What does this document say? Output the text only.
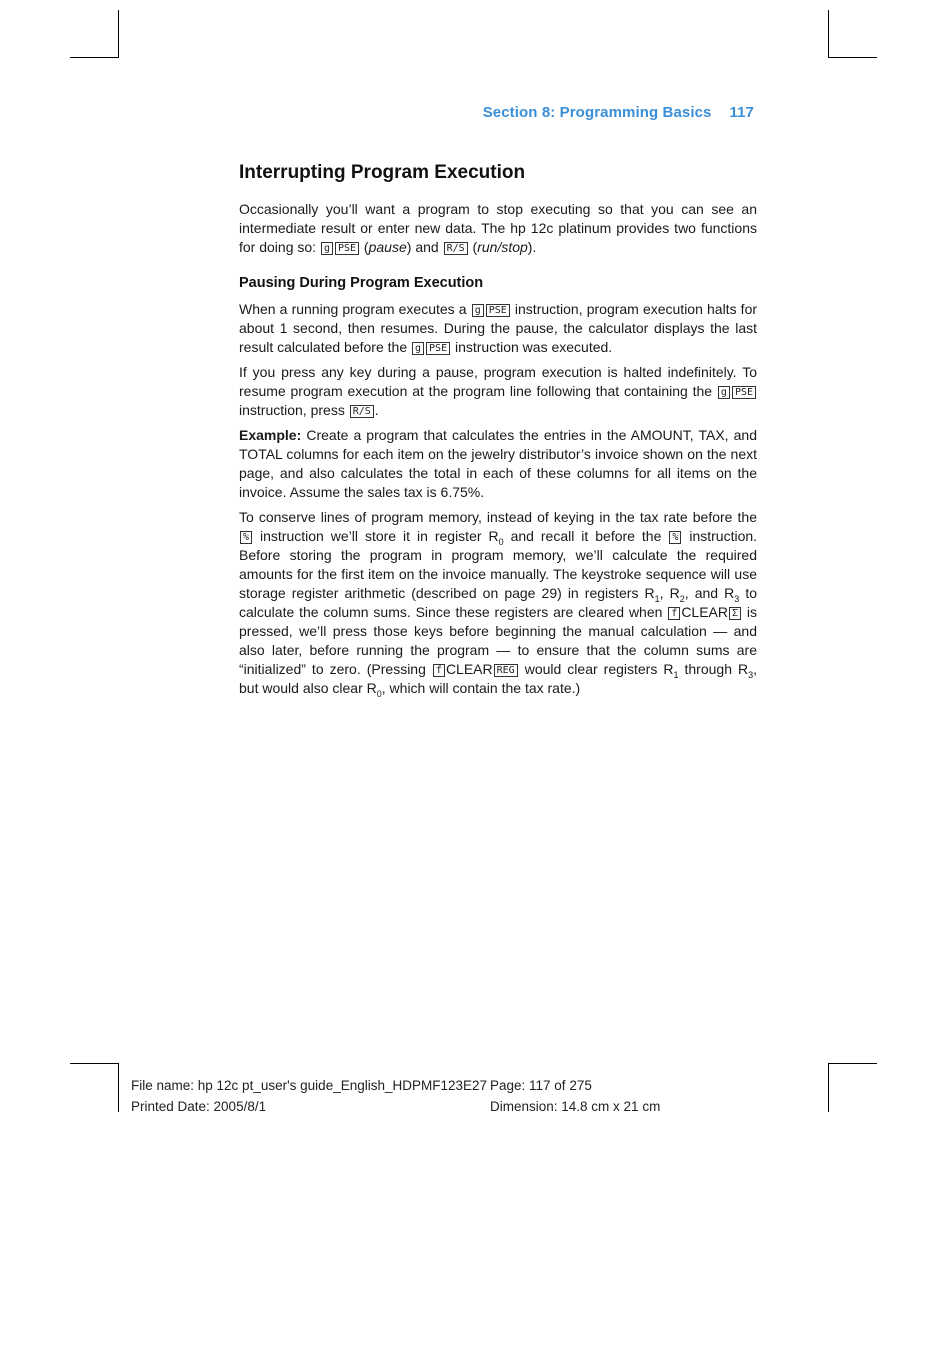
Section 8: Programming Basics 117
Interrupting Program Execution

Occasionally you’ll want a program to stop executing so that you can see an intermediate result or enter new data. The hp 12c platinum provides two functions for doing so: g PSE (pause) and R/S (run/stop).

Pausing During Program Execution

When a running program executes a g PSE instruction, program execution halts for about 1 second, then resumes. During the pause, the calculator displays the last result calculated before the g PSE instruction was executed.

If you press any key during a pause, program execution is halted indefinitely. To resume program execution at the program line following that containing the g PSE instruction, press R/S .

Example: Create a program that calculates the entries in the AMOUNT, TAX, and TOTAL columns for each item on the jewelry distributor’s invoice shown on the next page, and also calculates the total in each of these columns for all items on the invoice. Assume the sales tax is 6.75%.

To conserve lines of program memory, instead of keying in the tax rate before the % instruction we’ll store it in register $R_0$ and recall it before the % instruction. Before storing the program in program memory, we’ll calculate the required amounts for the first item on the invoice manually. The keystroke sequence will use storage register arithmetic (described on page 29) in registers $R_1$, $R_2$, and $R_3$ to calculate the column sums. Since these registers are cleared when f CLEAR Σ is pressed, we’ll press those keys before beginning the manual calculation — and also later, before running the program — to ensure that the column sums are “initialized” to zero. (Pressing f CLEAR REG would clear registers $R_1$ through $R_3$, but would also clear $R_0$, which will contain the tax rate.)

File name: hp 12c pt_user's guide_English_HDPMF123E27
Printed Date: 2005/8/1
Page: 117 of 275
Dimension: 14.8 cm x 21 cm
